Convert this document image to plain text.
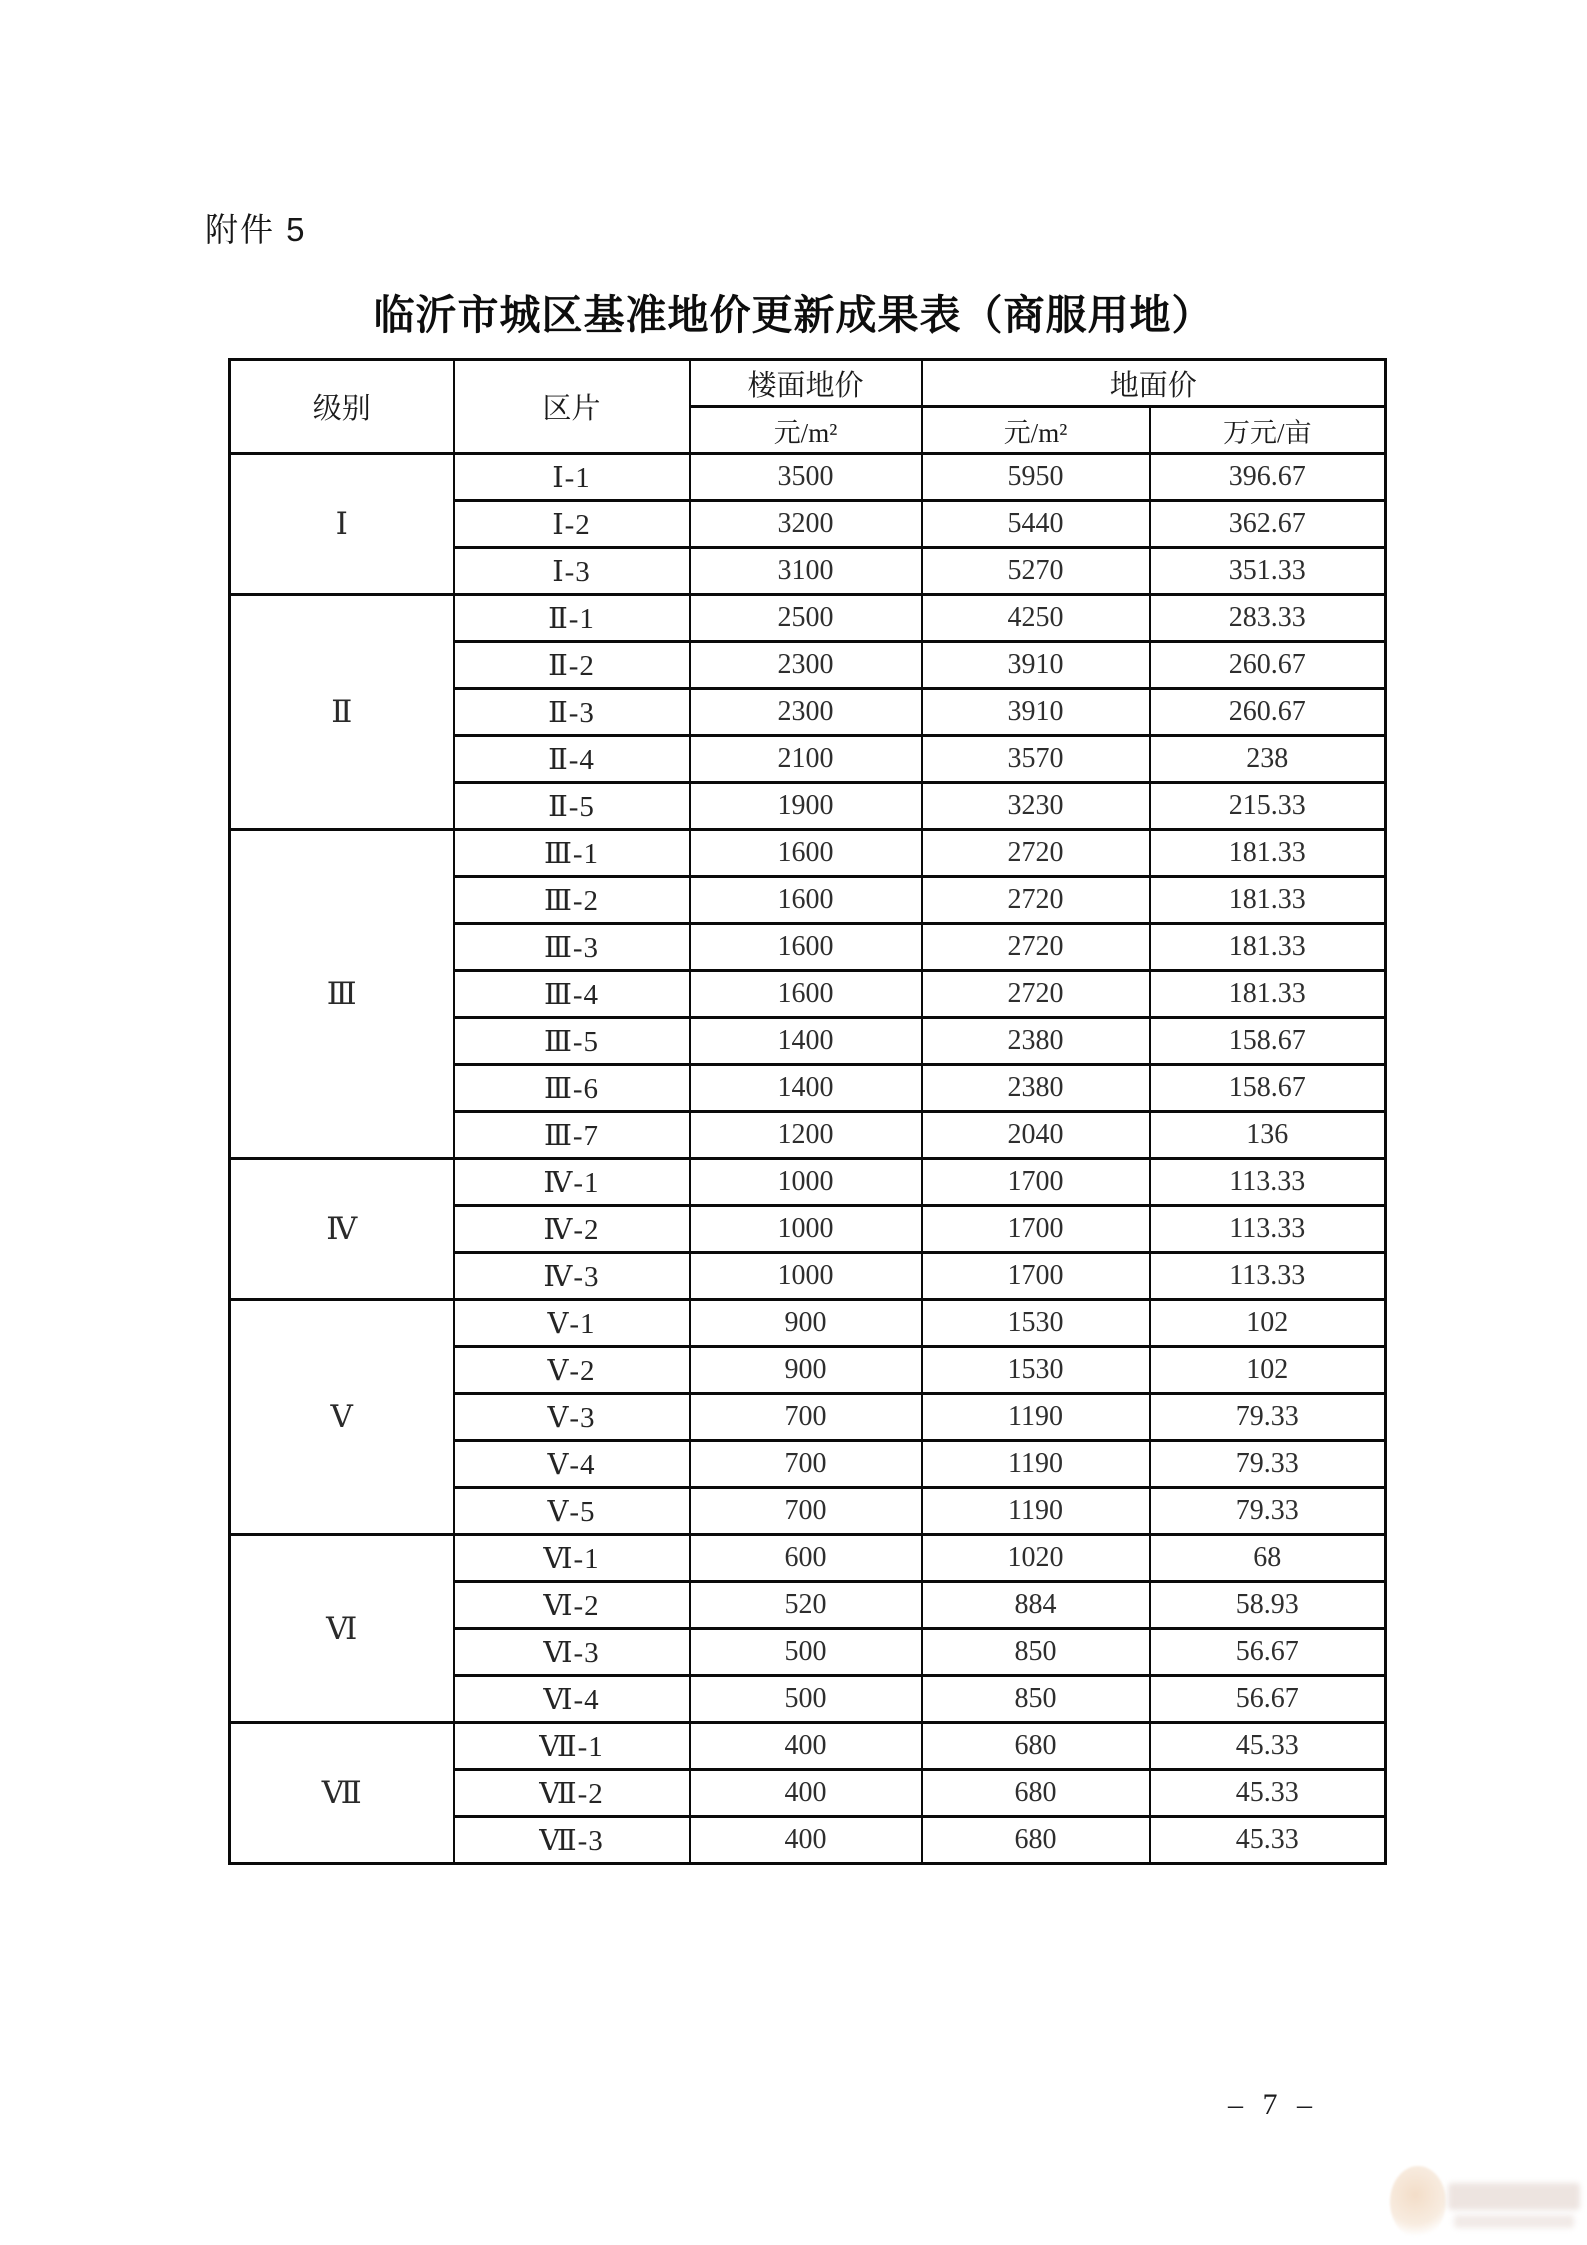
附件 5
临沂市城区基准地价更新成果表（商服用地）
级别	区片	楼面地价	地面价	
		元/m²	元/m²	万元/亩
Ⅰ	Ⅰ-1	3500	5950	396.67
	Ⅰ-2	3200	5440	362.67
	Ⅰ-3	3100	5270	351.33
Ⅱ	Ⅱ-1	2500	4250	283.33
	Ⅱ-2	2300	3910	260.67
	Ⅱ-3	2300	3910	260.67
	Ⅱ-4	2100	3570	238
	Ⅱ-5	1900	3230	215.33
Ⅲ	Ⅲ-1	1600	2720	181.33
	Ⅲ-2	1600	2720	181.33
	Ⅲ-3	1600	2720	181.33
	Ⅲ-4	1600	2720	181.33
	Ⅲ-5	1400	2380	158.67
	Ⅲ-6	1400	2380	158.67
	Ⅲ-7	1200	2040	136
Ⅳ	Ⅳ-1	1000	1700	113.33
	Ⅳ-2	1000	1700	113.33
	Ⅳ-3	1000	1700	113.33
Ⅴ	Ⅴ-1	900	1530	102
	Ⅴ-2	900	1530	102
	Ⅴ-3	700	1190	79.33
	Ⅴ-4	700	1190	79.33
	Ⅴ-5	700	1190	79.33
Ⅵ	Ⅵ-1	600	1020	68
	Ⅵ-2	520	884	58.93
	Ⅵ-3	500	850	56.67
	Ⅵ-4	500	850	56.67
Ⅶ	Ⅶ-1	400	680	45.33
	Ⅶ-2	400	680	45.33
	Ⅶ-3	400	680	45.33
– 7 –
